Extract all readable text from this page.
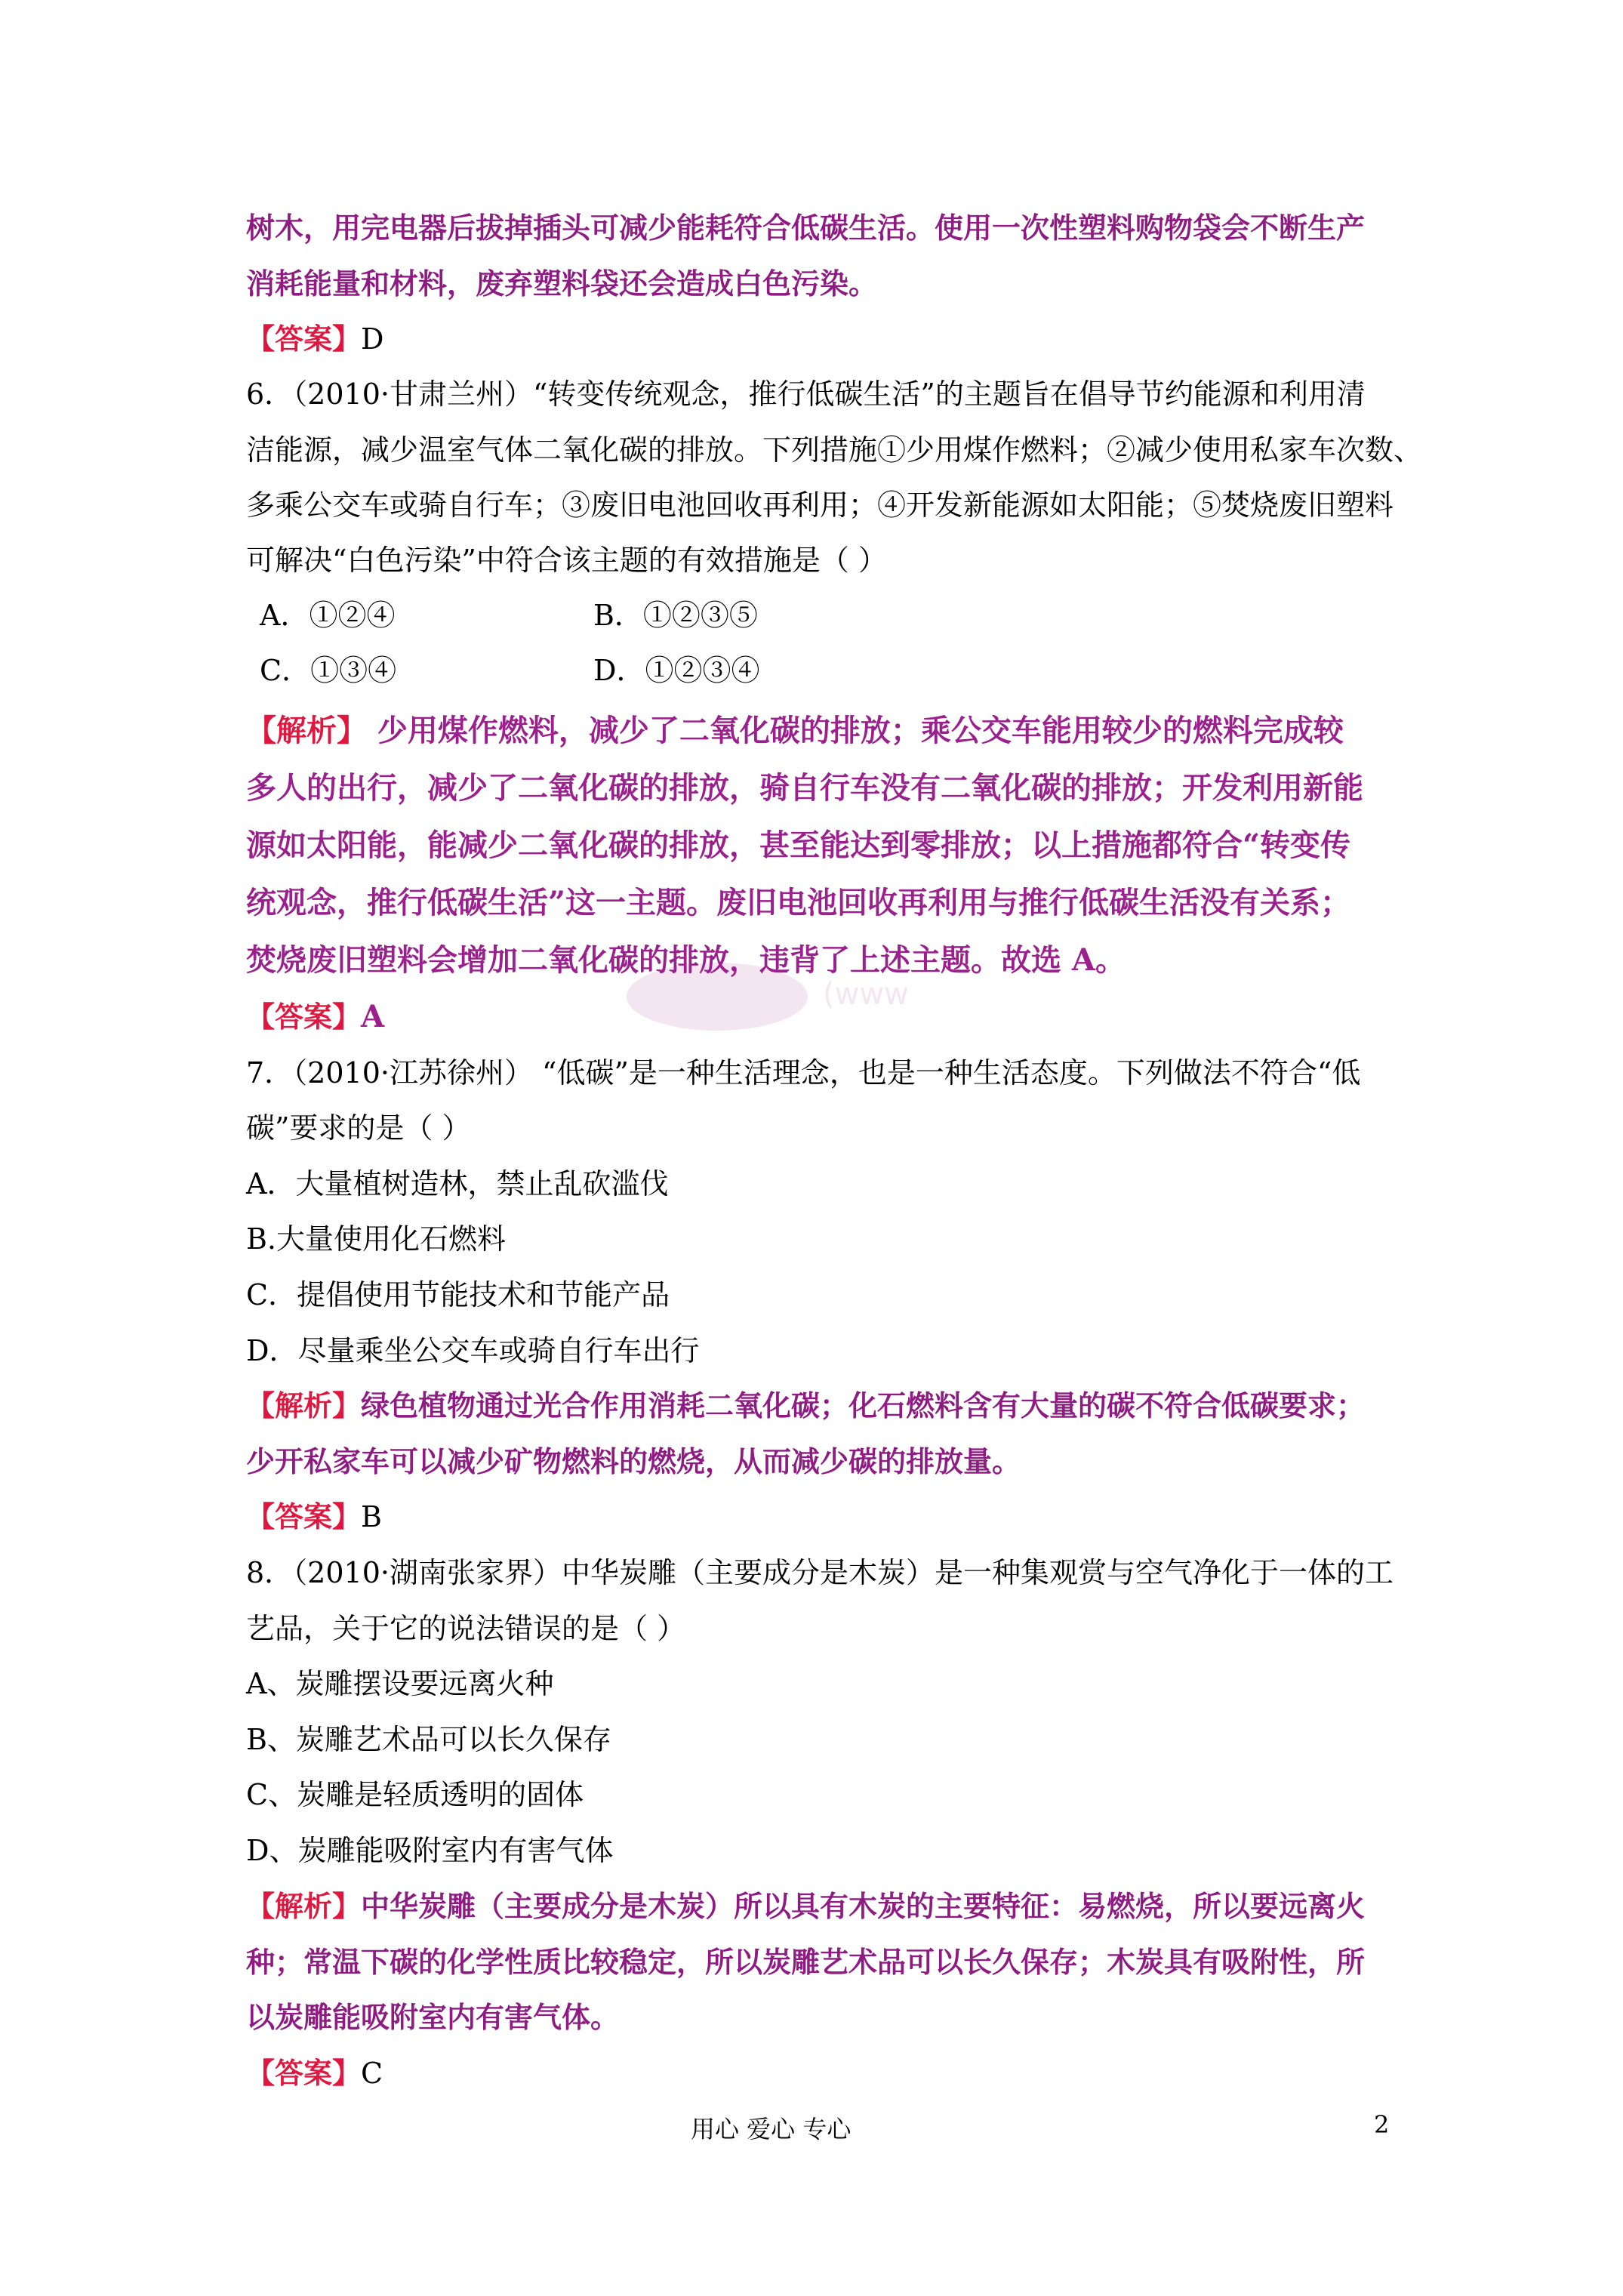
(www
树木，用完电器后拔掉插头可减少能耗符合低碳生活。使用一次性塑料购物袋会不断生产
消耗能量和材料，废弃塑料袋还会造成白色污染。
【答案】D
6．（2010·甘肃兰州）“转变传统观念，推行低碳生活”的主题旨在倡导节约能源和利用清
洁能源，减少温室气体二氧化碳的排放。下列措施①少用煤作燃料；②减少使用私家车次数、
多乘公交车或骑自行车；③废旧电池回收再利用；④开发新能源如太阳能；⑤焚烧废旧塑料
可解决“白色污染”中符合该主题的有效措施是（ ）
A．①②④	B．①②③⑤
C．①③④	D．①②③④
【解析】 少用煤作燃料，减少了二氧化碳的排放；乘公交车能用较少的燃料完成较
多人的出行，减少了二氧化碳的排放，骑自行车没有二氧化碳的排放；开发利用新能
源如太阳能，能减少二氧化碳的排放，甚至能达到零排放；以上措施都符合“转变传
统观念，推行低碳生活”这一主题。废旧电池回收再利用与推行低碳生活没有关系；
焚烧废旧塑料会增加二氧化碳的排放，违背了上述主题。故选 A。
【答案】A
7．（2010·江苏徐州） “低碳”是一种生活理念，也是一种生活态度。下列做法不符合“低
碳”要求的是（ ）
A．大量植树造林，禁止乱砍滥伐
B.大量使用化石燃料
C．提倡使用节能技术和节能产品
D．尽量乘坐公交车或骑自行车出行
【解析】绿色植物通过光合作用消耗二氧化碳；化石燃料含有大量的碳不符合低碳要求；
少开私家车可以减少矿物燃料的燃烧，从而减少碳的排放量。
【答案】B
8．（2010·湖南张家界）中华炭雕（主要成分是木炭）是一种集观赏与空气净化于一体的工
艺品，关于它的说法错误的是（ ）
A、炭雕摆设要远离火种
B、炭雕艺术品可以长久保存
C、炭雕是轻质透明的固体
D、炭雕能吸附室内有害气体
【解析】中华炭雕（主要成分是木炭）所以具有木炭的主要特征：易燃烧，所以要远离火
种；常温下碳的化学性质比较稳定，所以炭雕艺术品可以长久保存；木炭具有吸附性，所
以炭雕能吸附室内有害气体。
【答案】C
用心 爱心 专心	2
